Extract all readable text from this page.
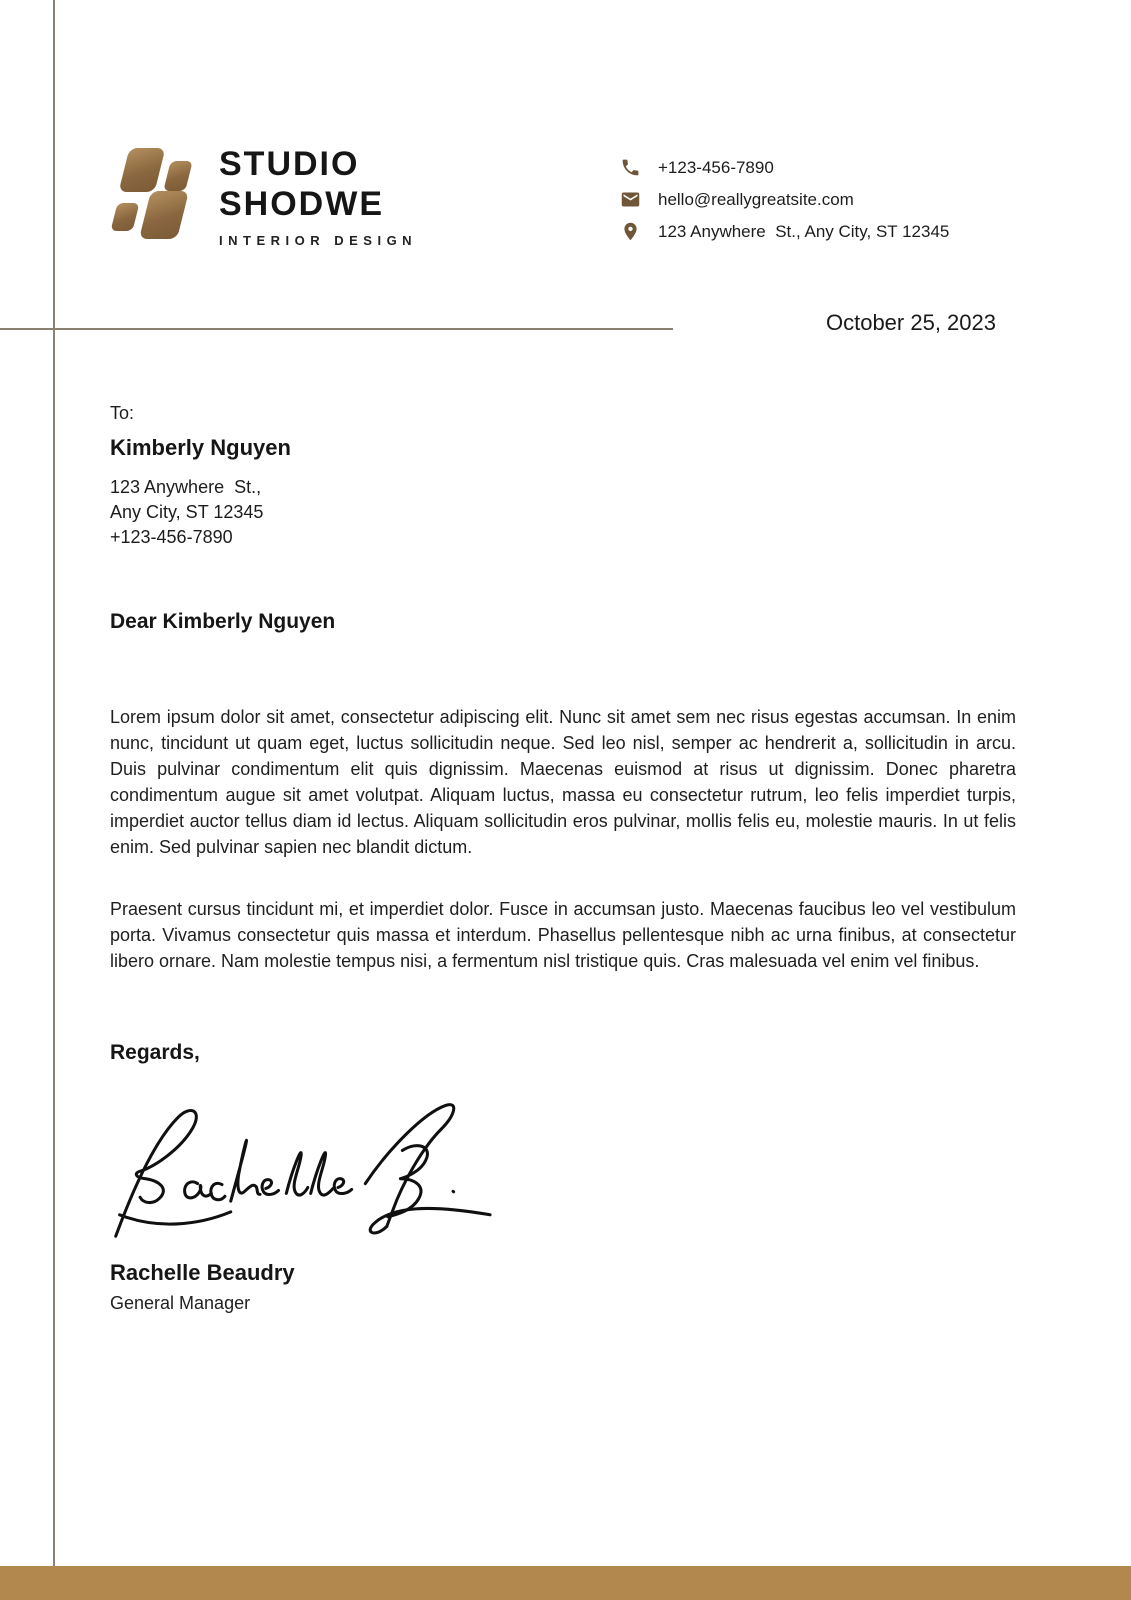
STUDIO
SHODWE
INTERIOR DESIGN
+123-456-7890
hello@reallygreatsite.com
123 Anywhere  St., Any City, ST 12345
October 25, 2023
To:
Kimberly Nguyen
123 Anywhere  St.,
Any City, ST 12345
+123-456-7890
Dear Kimberly Nguyen

Lorem ipsum dolor sit amet, consectetur adipiscing elit. Nunc sit amet sem nec risus egestas accumsan. In enim nunc, tincidunt ut quam eget, luctus sollicitudin neque. Sed leo nisl, semper ac hendrerit a, sollicitudin in arcu. Duis pulvinar condimentum elit quis dignissim. Maecenas euismod at risus ut dignissim. Donec pharetra condimentum augue sit amet volutpat. Aliquam luctus, massa eu consectetur rutrum, leo felis imperdiet turpis, imperdiet auctor tellus diam id lectus. Aliquam sollicitudin eros pulvinar, mollis felis eu, molestie mauris. In ut felis enim. Sed pulvinar sapien nec blandit dictum.

Praesent cursus tincidunt mi, et imperdiet dolor. Fusce in accumsan justo. Maecenas faucibus leo vel vestibulum porta. Vivamus consectetur quis massa et interdum. Phasellus pellentesque nibh ac urna finibus, at consectetur libero ornare. Nam molestie tempus nisi, a fermentum nisl tristique quis. Cras malesuada vel enim vel finibus.

Regards,
Rachelle Beaudry
General Manager
